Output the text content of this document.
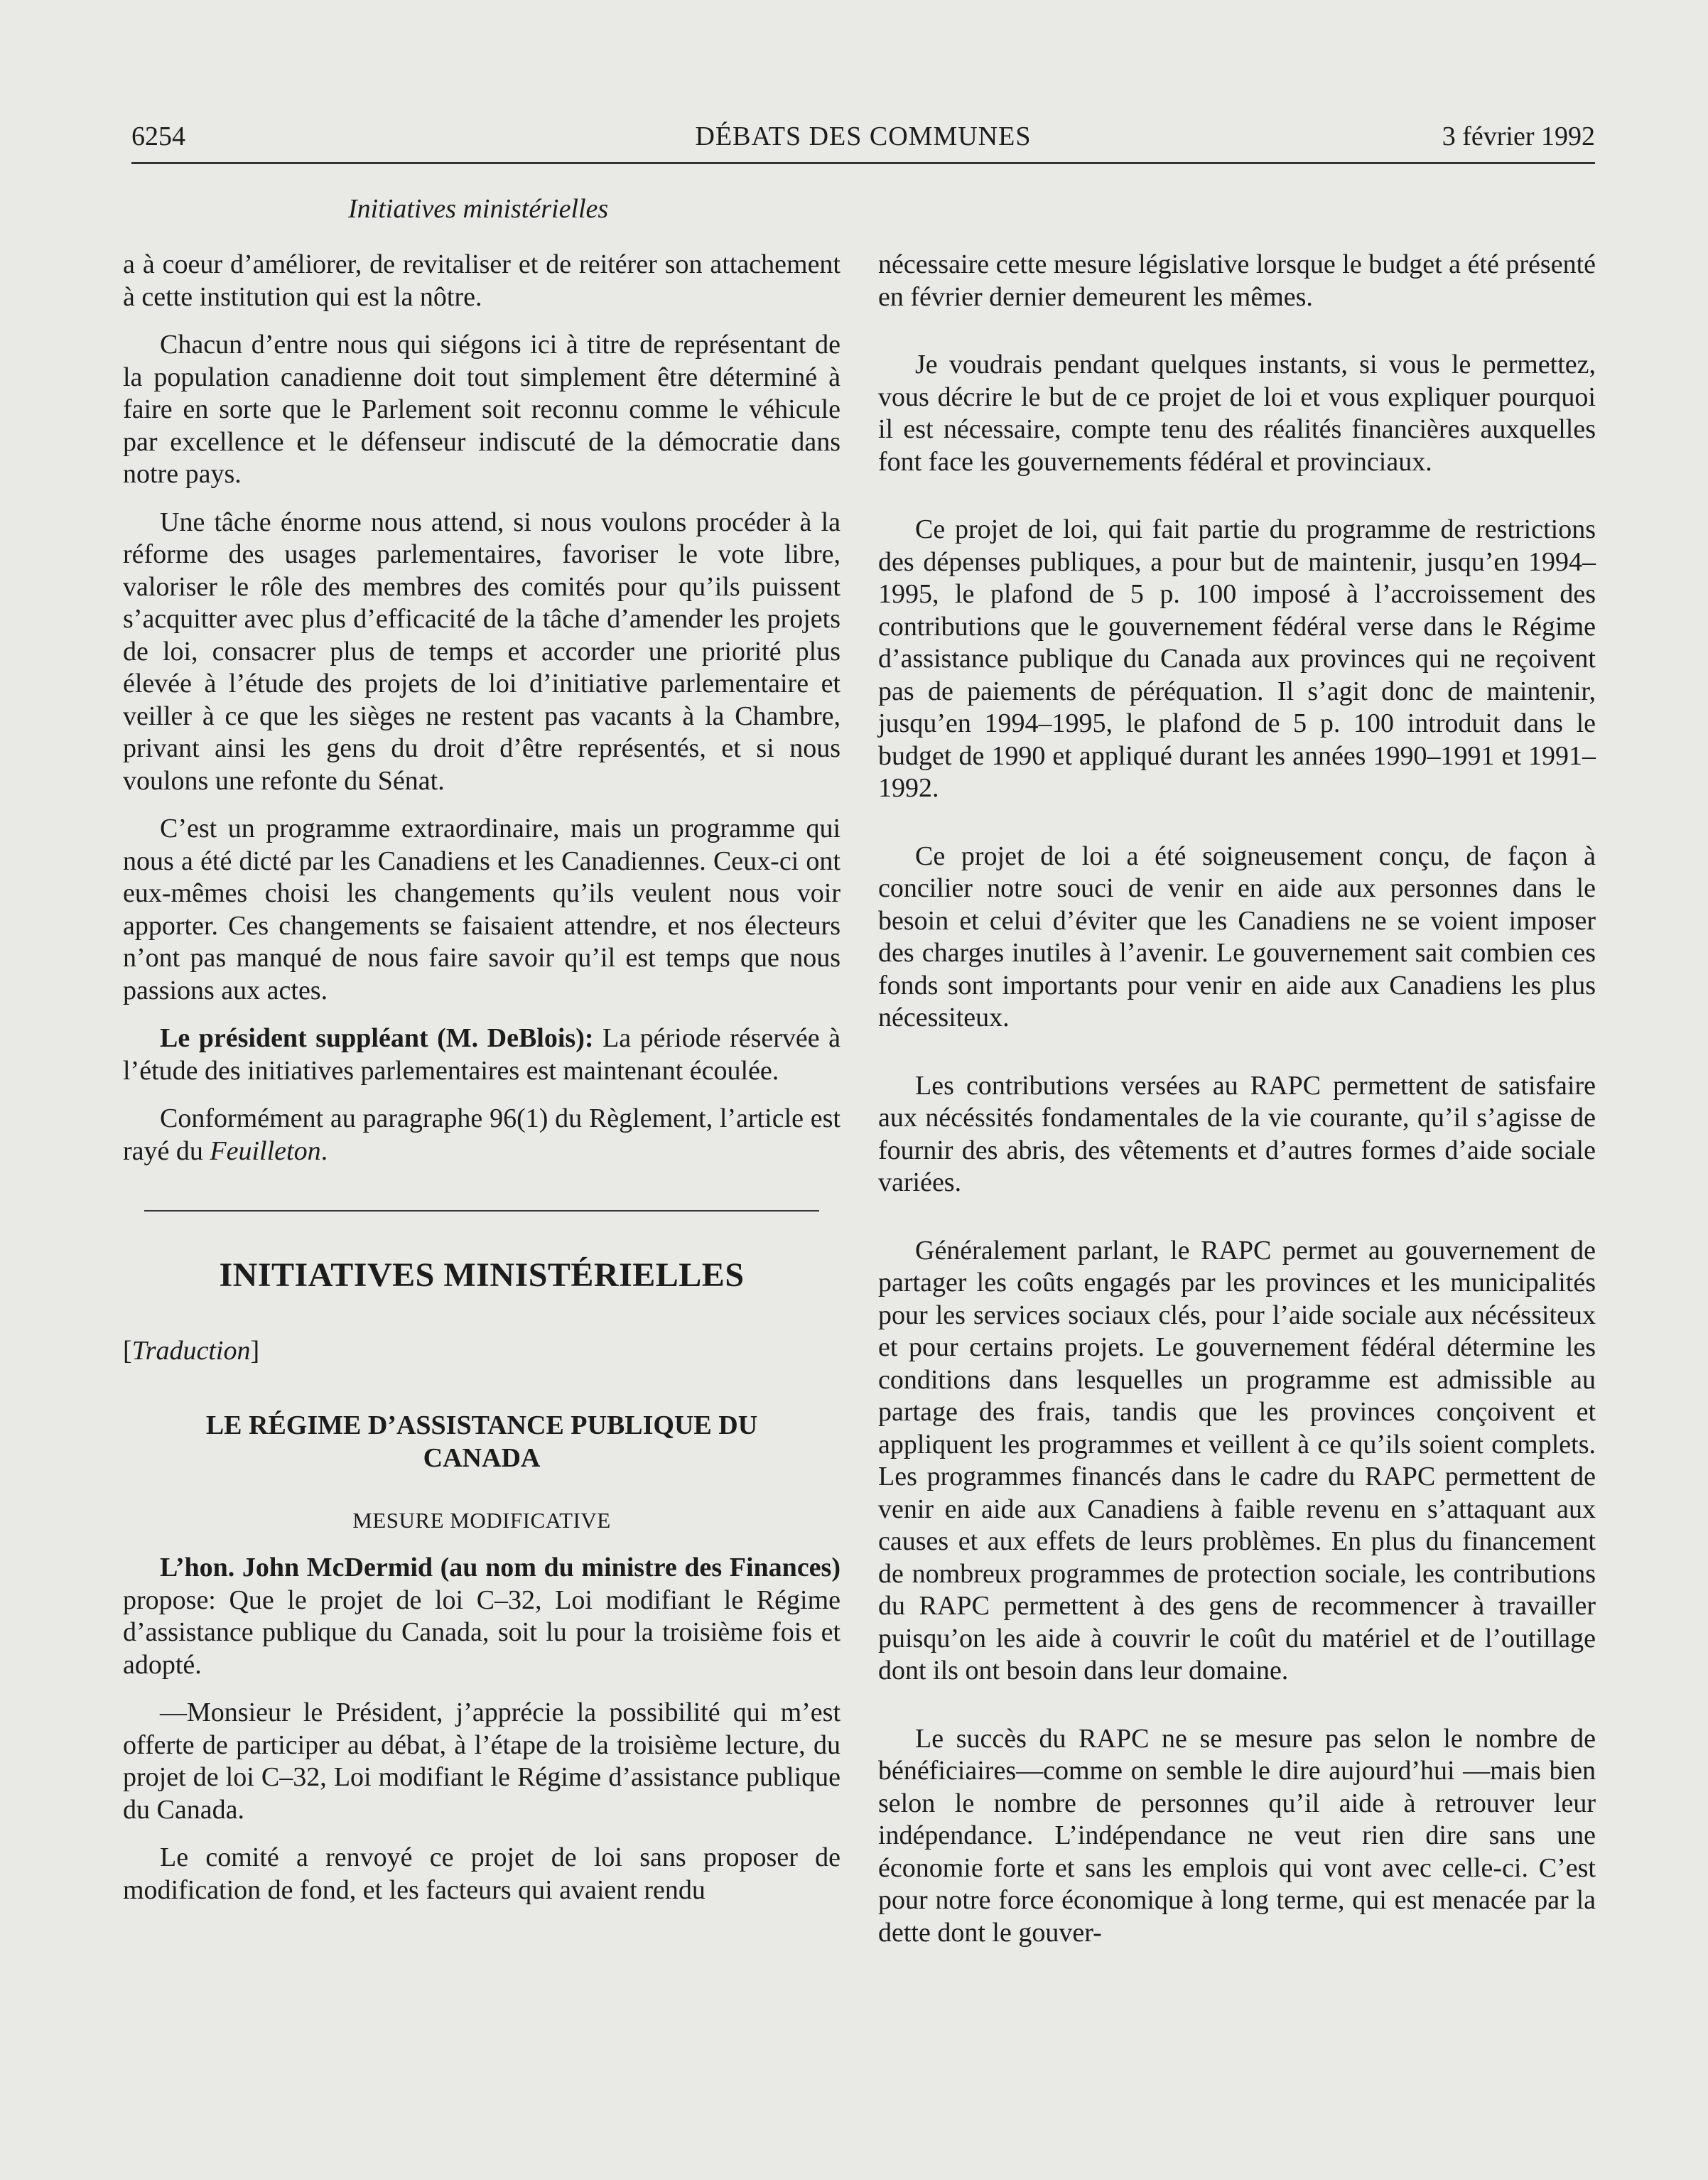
6254	DÉBATS DES COMMUNES	3 février 1992
Initiatives ministérielles

a à coeur d’améliorer, de revitaliser et de reitérer son attachement à cette institution qui est la nôtre.

Chacun d’entre nous qui siégons ici à titre de représentant de la population canadienne doit tout simplement être déterminé à faire en sorte que le Parlement soit reconnu comme le véhicule par excellence et le défenseur indiscuté de la démocratie dans notre pays.

Une tâche énorme nous attend, si nous voulons procéder à la réforme des usages parlementaires, favoriser le vote libre, valoriser le rôle des membres des comités pour qu’ils puissent s’acquitter avec plus d’efficacité de la tâche d’amender les projets de loi, consacrer plus de temps et accorder une priorité plus élevée à l’étude des projets de loi d’initiative parlementaire et veiller à ce que les sièges ne restent pas vacants à la Chambre, privant ainsi les gens du droit d’être représentés, et si nous voulons une refonte du Sénat.

C’est un programme extraordinaire, mais un programme qui nous a été dicté par les Canadiens et les Canadiennes. Ceux-ci ont eux-mêmes choisi les changements qu’ils veulent nous voir apporter. Ces changements se faisaient attendre, et nos électeurs n’ont pas manqué de nous faire savoir qu’il est temps que nous passions aux actes.

Le président suppléant (M. DeBlois): La période réservée à l’étude des initiatives parlementaires est maintenant écoulée.

Conformément au paragraphe 96(1) du Règlement, l’article est rayé du Feuilleton.

INITIATIVES MINISTÉRIELLES
[Traduction]
LE RÉGIME D’ASSISTANCE PUBLIQUE DU CANADA
MESURE MODIFICATIVE

L’hon. John McDermid (au nom du ministre des Finances) propose: Que le projet de loi C–32, Loi modifiant le Régime d’assistance publique du Canada, soit lu pour la troisième fois et adopté.

—Monsieur le Président, j’apprécie la possibilité qui m’est offerte de participer au débat, à l’étape de la troisième lecture, du projet de loi C–32, Loi modifiant le Régime d’assistance publique du Canada.

Le comité a renvoyé ce projet de loi sans proposer de modification de fond, et les facteurs qui avaient rendu

nécessaire cette mesure législative lorsque le budget a été présenté en février dernier demeurent les mêmes.

Je voudrais pendant quelques instants, si vous le permettez, vous décrire le but de ce projet de loi et vous expliquer pourquoi il est nécessaire, compte tenu des réalités financières auxquelles font face les gouvernements fédéral et provinciaux.

Ce projet de loi, qui fait partie du programme de restrictions des dépenses publiques, a pour but de maintenir, jusqu’en 1994–1995, le plafond de 5 p. 100 imposé à l’accroissement des contributions que le gouvernement fédéral verse dans le Régime d’assistance publique du Canada aux provinces qui ne reçoivent pas de paiements de péréquation. Il s’agit donc de maintenir, jusqu’en 1994–1995, le plafond de 5 p. 100 introduit dans le budget de 1990 et appliqué durant les années 1990–1991 et 1991–1992.

Ce projet de loi a été soigneusement conçu, de façon à concilier notre souci de venir en aide aux personnes dans le besoin et celui d’éviter que les Canadiens ne se voient imposer des charges inutiles à l’avenir. Le gouvernement sait combien ces fonds sont importants pour venir en aide aux Canadiens les plus nécessiteux.

Les contributions versées au RAPC permettent de satisfaire aux nécéssités fondamentales de la vie courante, qu’il s’agisse de fournir des abris, des vêtements et d’autres formes d’aide sociale variées.

Généralement parlant, le RAPC permet au gouvernement de partager les coûts engagés par les provinces et les municipalités pour les services sociaux clés, pour l’aide sociale aux nécéssiteux et pour certains projets. Le gouvernement fédéral détermine les conditions dans lesquelles un programme est admissible au partage des frais, tandis que les provinces conçoivent et appliquent les programmes et veillent à ce qu’ils soient complets. Les programmes financés dans le cadre du RAPC permettent de venir en aide aux Canadiens à faible revenu en s’attaquant aux causes et aux effets de leurs problèmes. En plus du financement de nombreux programmes de protection sociale, les contributions du RAPC permettent à des gens de recommencer à travailler puisqu’on les aide à couvrir le coût du matériel et de l’outillage dont ils ont besoin dans leur domaine.

Le succès du RAPC ne se mesure pas selon le nombre de bénéficiaires—comme on semble le dire aujourd’hui —mais bien selon le nombre de personnes qu’il aide à retrouver leur indépendance. L’indépendance ne veut rien dire sans une économie forte et sans les emplois qui vont avec celle-ci. C’est pour notre force économique à long terme, qui est menacée par la dette dont le gouver-
